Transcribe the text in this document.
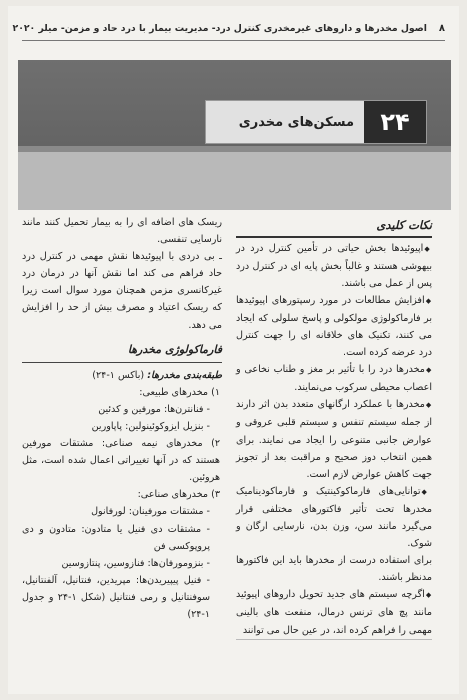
۸
اصول مخدرها و داروهای غیرمخدری کنترل درد- مدیریت بیمار با درد حاد و مزمن- میلر ۲۰۲۰
۲۴
مسکن‌های مخدری
نکات کلیدی

◆ اپیوئیدها بخش حیاتی در تأمین کنترل درد در بیهوشی هستند و غالباً بخش پایه ای در کنترل درد پس از عمل می باشند.

◆ افزایش مطالعات در مورد رسپتورهای اپیوئیدها بر فارماکولوژی مولکولی و پاسخ سلولی که ایجاد می کنند، تکنیک های خلاقانه ای را جهت کنترل درد عرضه کرده است.

◆ مخدرها درد را با تأثیر بر مغز و طناب نخاعی و اعصاب محیطی سرکوب می‌نمایند.

◆ مخدرها با عملکرد ارگانهای متعدد بدن اثر دارند از جمله سیستم تنفس و سیستم قلبی عروقی و عوارض جانبی متنوعی را ایجاد می نمایند. برای همین انتخاب دوز صحیح و مراقبت بعد از تجویز جهت کاهش عوارض لازم است.

◆ توانایی‌های فارماکوکینتیک و فارماکودینامیک مخدرها تحت تأثیر فاکتورهای مختلفی قرار می‌گیرد مانند سن، وزن بدن، نارسایی ارگان و شوک.

برای استفاده درست از مخدرها باید این فاکتورها مدنظر باشند.

◆ اگرچه سیستم های جدید تحویل داروهای اپیوئید مانند پچ های ترنس درمال، منفعت های بالینی مهمی را فراهم کرده اند، در عین حال می توانند

ریسک های اضافه ای را به بیمار تحمیل کنند مانند نارسایی تنفسی.

ـ بی دردی با اپیوئیدها نقش مهمی در کنترل درد حاد فراهم می کند اما نقش آنها در درمان درد غیرکانسری مزمن همچنان مورد سوال است زیرا که ریسک اعتیاد و مصرف بیش از حد را افزایش می دهد.

فارماکولوژی مخدرها

طبقه‌بندی مخدرها: (باکس ۱-۲۴)

۱) مخدرهای طبیعی:

- فنانترن‌ها: مورفین و کدئین

- بنزیل ایزوکوئینولین: پاپاورین

۲) مخدرهای نیمه صناعی: مشتقات مورفین هستند که در آنها تغییراتی اعمال شده است، مثل هروئین.

۳) مخدرهای صناعی:

- مشتقات مورفینان: لورفانول

- مشتقات دی فنیل یا متادون: متادون و دی پروپوکسی فن

- بنزومورفان‌ها: فنازوسین، پنتازوسین

- فنیل پیپیریدن‌ها: مپریدین، فنتانیل، آلفنتانیل، سوفنتانیل و رمی فنتانیل (شکل ۱-۲۴ و جدول ۱-۲۴)
